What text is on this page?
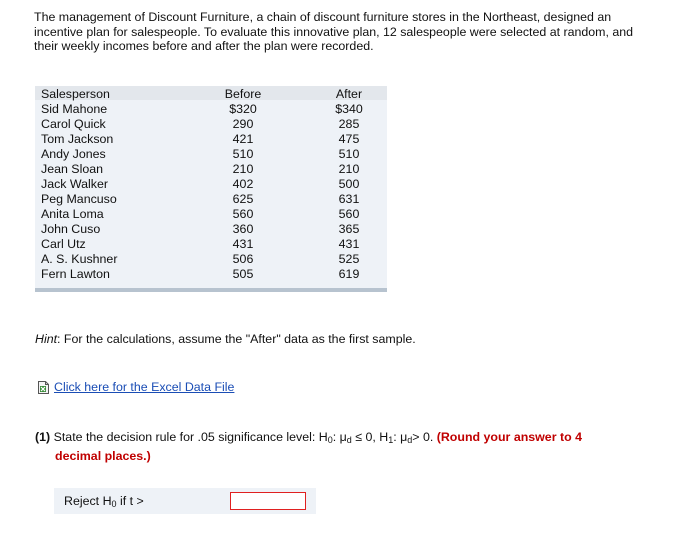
The management of Discount Furniture, a chain of discount furniture stores in the Northeast, designed an incentive plan for salespeople. To evaluate this innovative plan, 12 salespeople were selected at random, and their weekly incomes before and after the plan were recorded.
Salesperson	Before	After
Sid Mahone	$320	$340
Carol Quick	290	285
Tom Jackson	421	475
Andy Jones	510	510
Jean Sloan	210	210
Jack Walker	402	500
Peg Mancuso	625	631
Anita Loma	560	560
John Cuso	360	365
Carl Utz	431	431
A. S. Kushner	506	525
Fern Lawton	505	619
Hint: For the calculations, assume the "After" data as the first sample.
Click here for the Excel Data File
(1) State the decision rule for .05 significance level: $H_0$: $\mu_d \le 0$, $H_1$: $\mu_d> 0$. (Round your answer to 4
decimal places.)
Reject $H_0$ if t >
